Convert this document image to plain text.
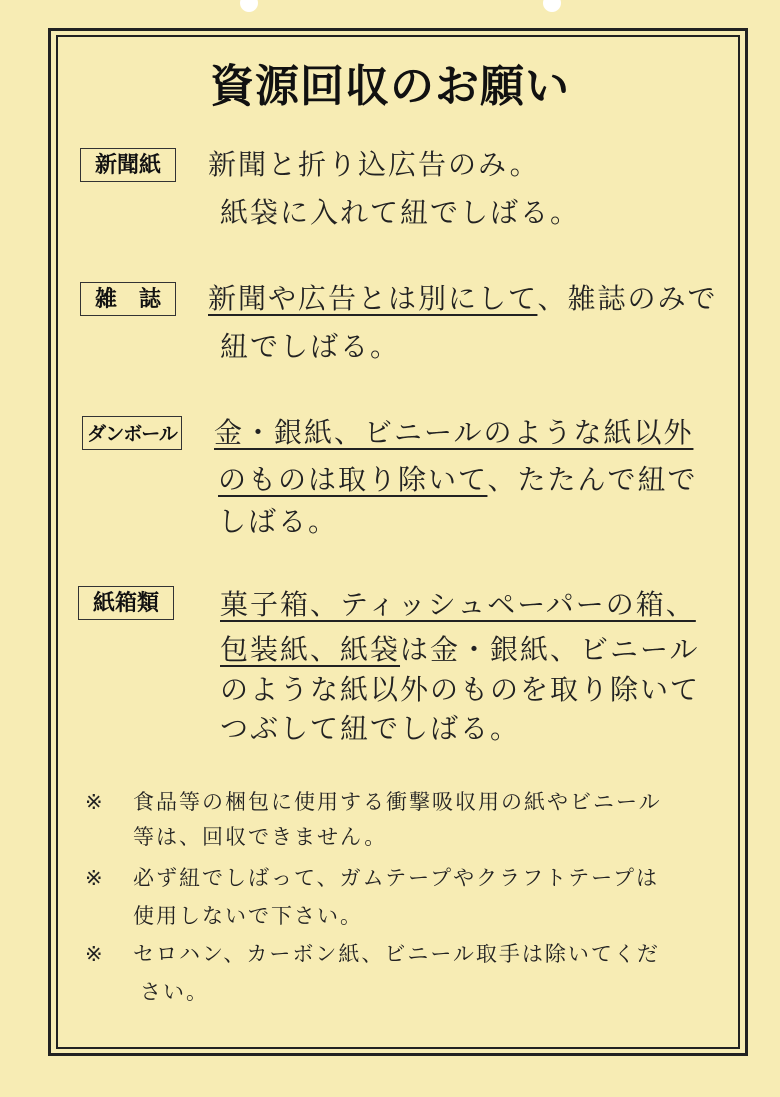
資源回収のお願い
新聞紙	新聞と折り込広告のみ。
紙袋に入れて紐でしばる。
雑　誌	新聞や広告とは別にして、雑誌のみで
紐でしばる。
ダンボール 金・銀紙、ビニールのような紙以外
のものは取り除いて、たたんで紐で
しばる。
紙箱類	菓子箱、ティッシュペーパーの箱、
包装紙、紙袋は金・銀紙、ビニール
のような紙以外のものを取り除いて
つぶして紐でしばる。
※ 食品等の梱包に使用する衝撃吸収用の紙やビニール
等は、回収できません。
※ 必ず紐でしばって、ガムテープやクラフトテープは
使用しないで下さい。
※ セロハン、カーボン紙、ビニール取手は除いてくだ
さい。
